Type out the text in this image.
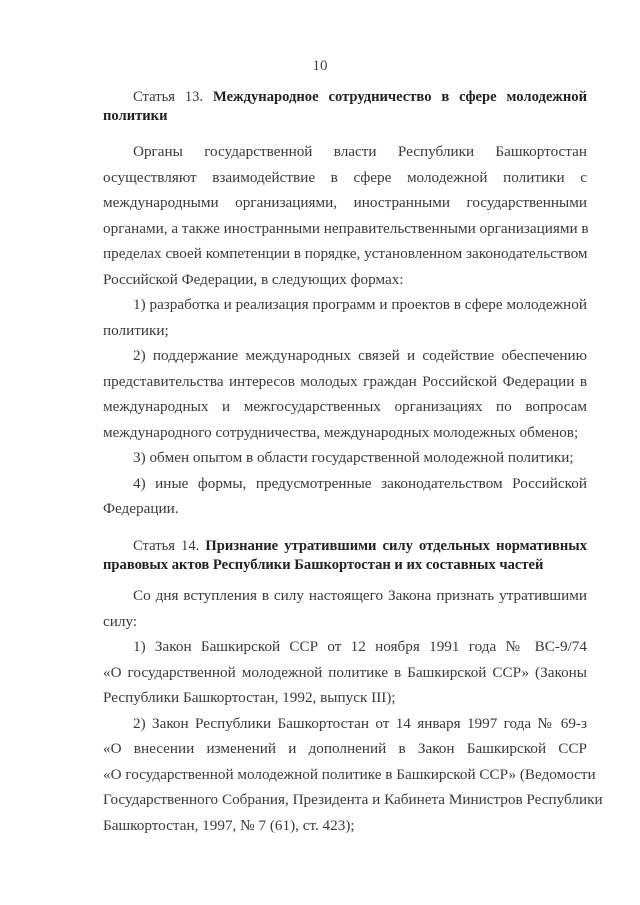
10
Статья 13. Международное сотрудничество в сфере молодежной
политики
Органы государственной власти Республики Башкортостан
осуществляют взаимодействие в сфере молодежной политики с
международными организациями, иностранными государственными
органами, а также иностранными неправительственными организациями в
пределах своей компетенции в порядке, установленном законодательством
Российской Федерации, в следующих формах:
1) разработка и реализация программ и проектов в сфере молодежной
политики;
2) поддержание международных связей и содействие обеспечению
представительства интересов молодых граждан Российской Федерации в
международных и межгосударственных организациях по вопросам
международного сотрудничества, международных молодежных обменов;
3) обмен опытом в области государственной молодежной политики;
4) иные формы, предусмотренные законодательством Российской
Федерации.
Статья 14. Признание утратившими силу отдельных нормативных
правовых актов Республики Башкортостан и их составных частей
Со дня вступления в силу настоящего Закона признать утратившими
силу:
1) Закон Башкирской ССР от 12 ноября 1991 года № ВС-9/74
«О государственной молодежной политике в Башкирской ССР» (Законы
Республики Башкортостан, 1992, выпуск III);
2) Закон Республики Башкортостан от 14 января 1997 года № 69-з
«О внесении изменений и дополнений в Закон Башкирской ССР
«О государственной молодежной политике в Башкирской ССР» (Ведомости
Государственного Собрания, Президента и Кабинета Министров Республики
Башкортостан, 1997, № 7 (61), ст. 423);
